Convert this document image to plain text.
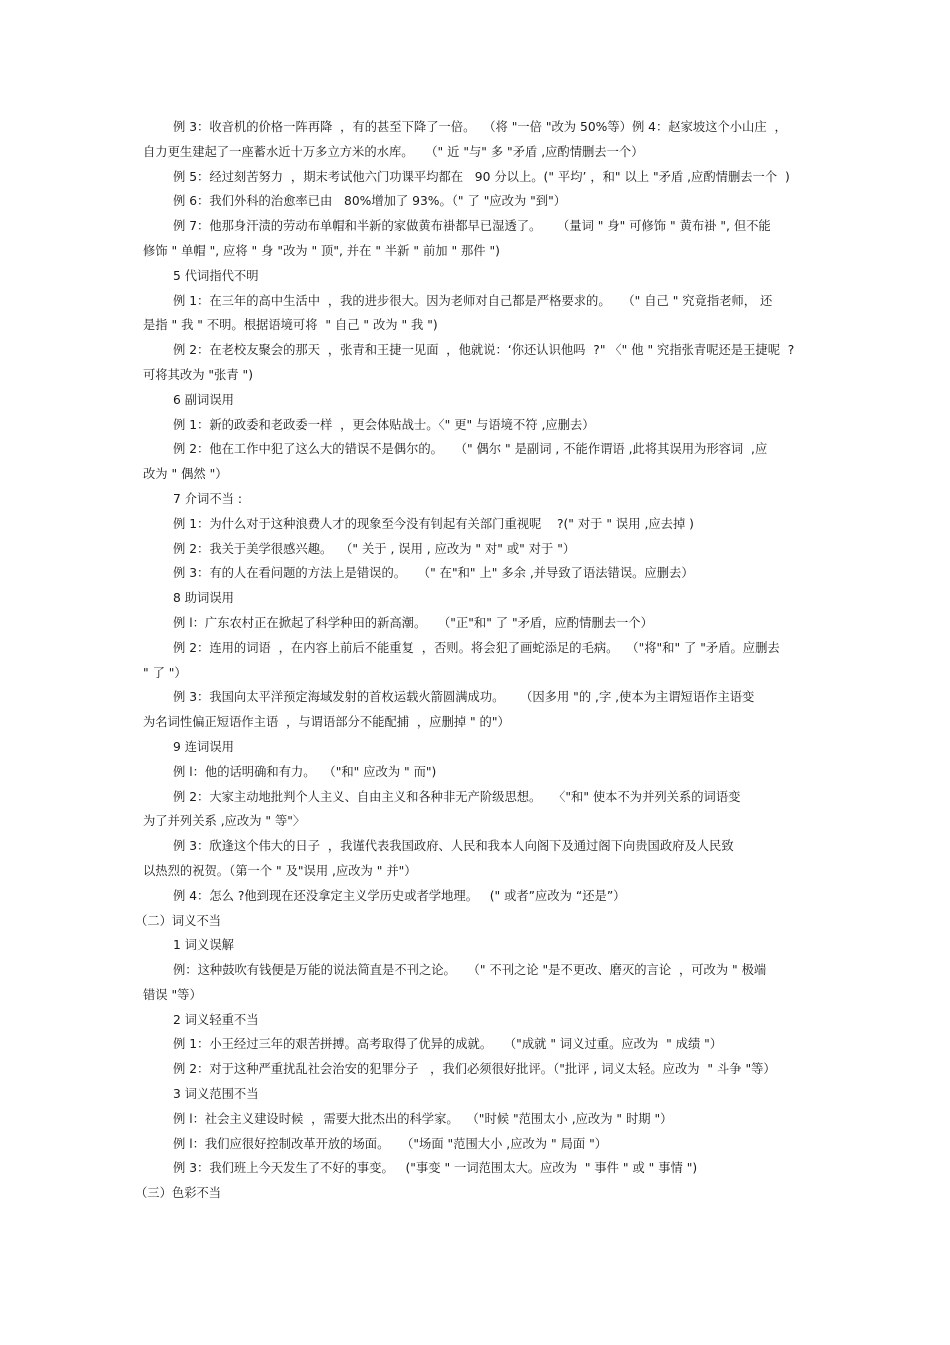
例 3：收音机的价格一阵再降  ，有的甚至下降了一倍。  （将 "一倍 "改为 50%等）例 4：赵家坡这个小山庄  ，
自力更生建起了一座蓄水近十万多立方米的水库。   （" 近 "与" 多 "矛盾 ,应酌情删去一个）
例 5：经过刻苦努力  ，期末考试他六门功课平均都在   90 分以上。(" 平均’ ，和" 以上 "矛盾 ,应酌情删去一个  )
例 6：我们外科的治愈率已由   80%增加了 93%。（" 了 "应改为 "到"）
例 7：他那身汗渍的劳动布单帽和半新的家做黄布褂都早已湿透了。    （量词 " 身" 可修饰 " 黄布褂 ", 但不能
修饰 " 单帽 ", 应将 " 身 "改为 " 顶", 并在 " 半新 " 前加 " 那件 ")
5 代词指代不明
例 1：在三年的高中生活中  ，我的进步很大。因为老师对自己都是严格要求的。   （" 自己 " 究竟指老师， 还
是指 " 我 " 不明。根据语境可将  " 自己 " 改为 " 我 ")
例 2：在老校友聚会的那天  ，张青和王捷一见面  ，他就说：‘你还认识他吗  ?" 〈" 他 " 究指张青呢还是王捷呢  ?
可将其改为 "张青 ")
6 副词误用
例 1：新的政委和老政委一样  ，更会体贴战士。〈" 更" 与语境不符 ,应删去）
例 2：他在工作中犯了这么大的错误不是偶尔的。   （" 偶尔 " 是副词 , 不能作谓语 ,此将其误用为形容词  ,应
改为 " 偶然 "）
7 介词不当 :
例 1：为什么对于这种浪费人才的现象至今没有钊起有关部门重视呢    ?(" 对于 " 误用 ,应去掉 )
例 2：我关于美学很感兴趣。  （" 关于 , 误用 , 应改为 " 对" 或" 对于 "）
例 3：有的人在看问题的方法上是错误的。   （" 在"和" 上" 多余 ,并导致了语法错误。应删去）
8 助词误用
例 l：广东农村正在掀起了科学种田的新高潮。   （"正"和" 了 "矛盾，应酌情删去一个）
例 2：连用的词语  ，在内容上前后不能重复  ，否则。将会犯了画蛇添足的毛病。  （"将"和" 了 "矛盾。应删去
" 了 "）
例 3：我国向太平洋预定海域发射的首枚运载火箭圆满成功。    （因多用 "的 ,字 ,使本为主谓短语作主语变
为名词性偏正短语作主语  ，与谓语部分不能配捕  ，应删掉 " 的"）
9 连词误用
例 l：他的话明确和有力。  （"和" 应改为 " 而")
例 2：大家主动地批判个人主义、自由主义和各种非无产阶级思想。   〈"和" 使本不为并列关系的词语变
为了并列关系 ,应改为 " 等"〉
例 3：欣逢这个伟大的日子  ，我谨代表我国政府、人民和我本人向阁下及通过阁下向贵国政府及人民致
以热烈的祝贺。（第一个 " 及"误用 ,应改为 " 并"）
例 4：怎么 ?他到现在还没拿定主义学历史或者学地理。   (" 或者”应改为 “还是”）
（二）词义不当
1 词义误解
例：这种鼓吹有钱便是万能的说法简直是不刊之论。   （" 不刊之论 "是不更改、磨灭的言论  ，可改为 " 极端
错误 "等）
2 词义轻重不当
例 1：小王经过三年的艰苦拼搏。高考取得了优异的成就。   （"成就 " 词义过重。应改为  " 成绩 "）
例 2：对于这种严重扰乱社会治安的犯罪分子   ，我们必须很好批评。（"批评 , 词义太轻。应改为  " 斗争 "等）
3 词义范围不当
例 l：社会主义建设时候  ，需要大批杰出的科学家。  （"时候 "范围太小 ,应改为 " 时期 "）
例 l：我们应很好控制改革开放的场面。   （"场面 "范围大小 ,应改为 " 局面 "）
例 3：我们班上今天发生了不好的事变。   ("事变 " 一词范围太大。应改为  " 事件 " 或 " 事情 ")
（三）色彩不当
